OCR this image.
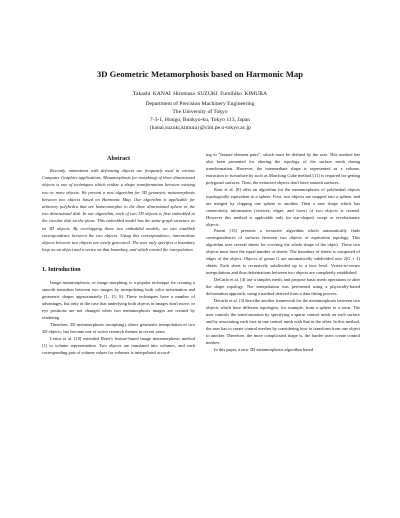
3D Geometric Metamorphosis based on Harmonic Map
Takashi KANAI Hiromasa SUZUKI Fumihiko KIMURA
Department of Precision Machinery Engineering
The University of Tokyo
7-3-1, Hongo, Bunkyo-ku, Tokyo 113, Japan
{kanai,suzuki,kimura}@cim.pe.u-tokyo.ac.jp
Abstract

Recently, animations with deforming objects are frequently used in various Computer Graphics applications. Metamorphosis (or morphing) of three dimensional objects is one of techniques which realize a shape transformation between existing two or more objects. We present a new algorithm for 3D geometric metamorphosis between two objects based on Harmonic Map. Our algorithm is applicable for arbitrary polyhedra that are homeomorphic to the three dimensional sphere or the two dimensional disk. In our algorithm, each of two 3D objects is first embedded to the circular disk on the plane. This embedded model has the same graph structure as its 3D objects. By overlapping those two embedded models, we can establish correspondence between the two objects. Using this correspondence, intermediate objects between two objects are easily generated. The user only specifies a boundary loop on an object and a vertex on that boundary, and which control the interpolation.

1. Introduction

Image metamorphosis, or image morphing, is a popular technique for creating a smooth transition between two images by interpolating both color information and geometric shapes approximately [1, 15, 9]. These techniques have a number of advantages, but only in the case that underlying both objects in images don't move, or eye positions are not changed when two metamorphosis images are created by rendering.

Therefore, 3D metamorphosis (morphing), direct geometric interpolation of two 3D objects, has become one of active research themes in recent years.

Lerios et al. [10] extended Beier's feature-based image metamorphosis method [1] to volume representation. Two objects are translated into volumes, and each corresponding pair of volume values for volumes is interpolated accord-

ing to "feature element pairs", which must be defined by the user. This method has also been presented for altering the topology of the surface mesh during transformation. However, the intermediate shape is represented as a volume, extraction to isosurface by such as Marching Cube method [11] is required for getting polygonal surfaces. Then, the extracted objects don't have smooth surfaces.

Kent et al. [8] offer an algorithm for the metamorphosis of polyhedral objects topologically equivalent to a sphere. First, two objects are mapped into a sphere, and are merged by clipping one sphere to another. Then a new shape which has connectivity information (vertices, edges, and faces) of two objects is created. However this method is applicable only for star-shaped, swept or revolutionary objects.

Parent [13] presents a recursive algorithm which automatically finds correspondences of surfaces between two objects of equivalent topology. This algorithm uses several sheets for covering the whole shape of the object. Those two objects must have the equal number of sheets. The boundary of sheets is composed of edges of the object. Objects of genus G are automatically subdivided into 2(G + 1) sheets. Each sheet is recursively subdivided up to a face level. Vertex-to-vertex interpolations and thus deformations between two objects are completely established.

DeCarlo et al. [4] use a simplex mesh, and propose basic mesh operations to alter the shape topology. The interpolation was performed using a physically-based deformation approach, using a method derived from a data fitting process.

Decarlo et al. [3] describe another framework for the metamorphosis between two objects which have different topologies, for example, from a sphere to a torus. The user controls the transformation by specifying a sparse control mesh on each surface and by associating each face in one control mesh with that in the other. In this method, the user has to create control meshes by considering how to transform from one object to another. Therefore, the more complicated shape is, the harder users create control meshes.

In this paper, a new 3D metamorphosis algorithm based
